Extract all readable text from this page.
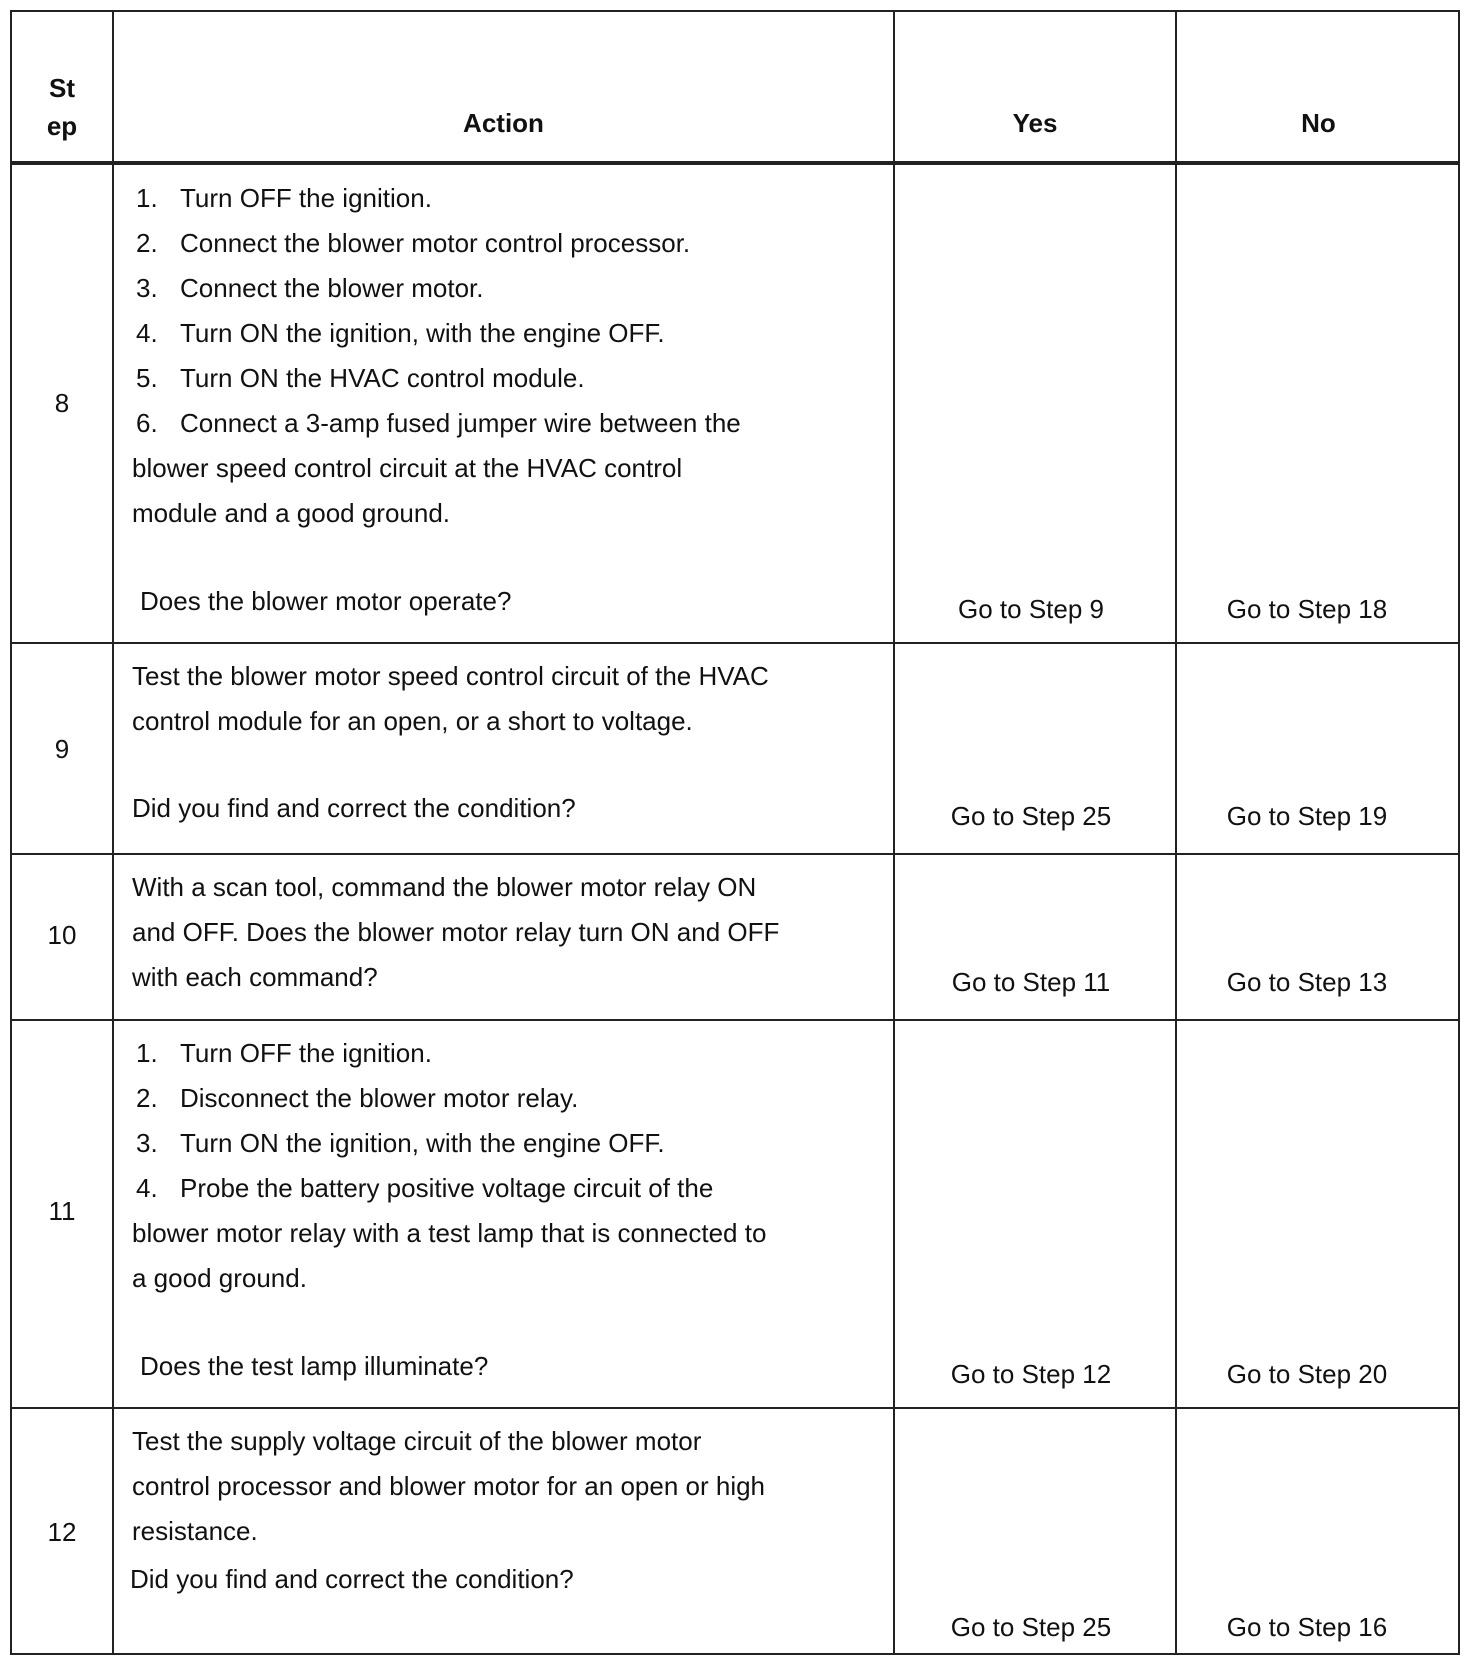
St
ep	Action	Yes	No
8
1. Turn OFF the ignition.
2. Connect the blower motor control processor.
3. Connect the blower motor.
4. Turn ON the ignition, with the engine OFF.
5. Turn ON the HVAC control module.
6. Connect a 3-amp fused jumper wire between the
blower speed control circuit at the HVAC control
module and a good ground.
Does the blower motor operate?	Go to Step 9	Go to Step 18
9
Test the blower motor speed control circuit of the HVAC
control module for an open, or a short to voltage.
Did you find and correct the condition?	Go to Step 25	Go to Step 19
10
With a scan tool, command the blower motor relay ON
and OFF. Does the blower motor relay turn ON and OFF
with each command?	Go to Step 11	Go to Step 13
11
1. Turn OFF the ignition.
2. Disconnect the blower motor relay.
3. Turn ON the ignition, with the engine OFF.
4. Probe the battery positive voltage circuit of the
blower motor relay with a test lamp that is connected to
a good ground.
Does the test lamp illuminate?	Go to Step 12	Go to Step 20
12
Test the supply voltage circuit of the blower motor
control processor and blower motor for an open or high
resistance.
Did you find and correct the condition?
Go to Step 25	Go to Step 16
